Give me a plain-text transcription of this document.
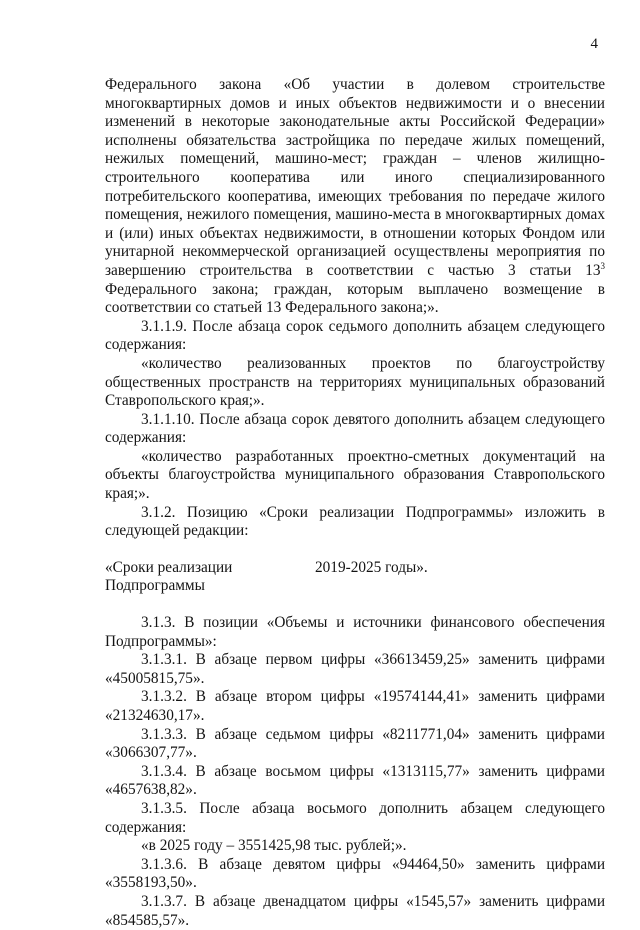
4

Федерального закона «Об участии в долевом строительстве многоквартирных домов и иных объектов недвижимости и о внесении изменений в некоторые законодательные акты Российской Федерации» исполнены обязательства застройщика по передаче жилых помещений, нежилых помещений, машино-мест; граждан – членов жилищно-строительного кооператива или иного специализированного потребительского кооператива, имеющих требования по передаче жилого помещения, нежилого помещения, машино-места в многоквартирных домах и (или) иных объектах недвижимости, в отношении которых Фондом или унитарной некоммерческой организацией осуществлены мероприятия по завершению строительства в соответствии с частью 3 статьи $13^3$ Федерального закона; граждан, которым выплачено возмещение в соответствии со статьей 13 Федерального закона;».

3.1.1.9. После абзаца сорок седьмого дополнить абзацем следующего содержания:

«количество реализованных проектов по благоустройству общественных пространств на территориях муниципальных образований Ставропольского края;».

3.1.1.10. После абзаца сорок девятого дополнить абзацем следующего содержания:

«количество разработанных проектно-сметных документаций на объекты благоустройства муниципального образования Ставропольского края;».

3.1.2. Позицию «Сроки реализации Подпрограммы» изложить в следующей редакции:

«Сроки реализации Подпрограммы
2019-2025 годы».

3.1.3. В позиции «Объемы и источники финансового обеспечения Подпрограммы»:

3.1.3.1. В абзаце первом цифры «36613459,25» заменить цифрами «45005815,75».

3.1.3.2. В абзаце втором цифры «19574144,41» заменить цифрами «21324630,17».

3.1.3.3. В абзаце седьмом цифры «8211771,04» заменить цифрами «3066307,77».

3.1.3.4. В абзаце восьмом цифры «1313115,77» заменить цифрами «4657638,82».

3.1.3.5. После абзаца восьмого дополнить абзацем следующего содержания:

«в 2025 году – 3551425,98 тыс. рублей;».

3.1.3.6. В абзаце девятом цифры «94464,50» заменить цифрами «3558193,50».

3.1.3.7. В абзаце двенадцатом цифры «1545,57» заменить цифрами «854585,57».
